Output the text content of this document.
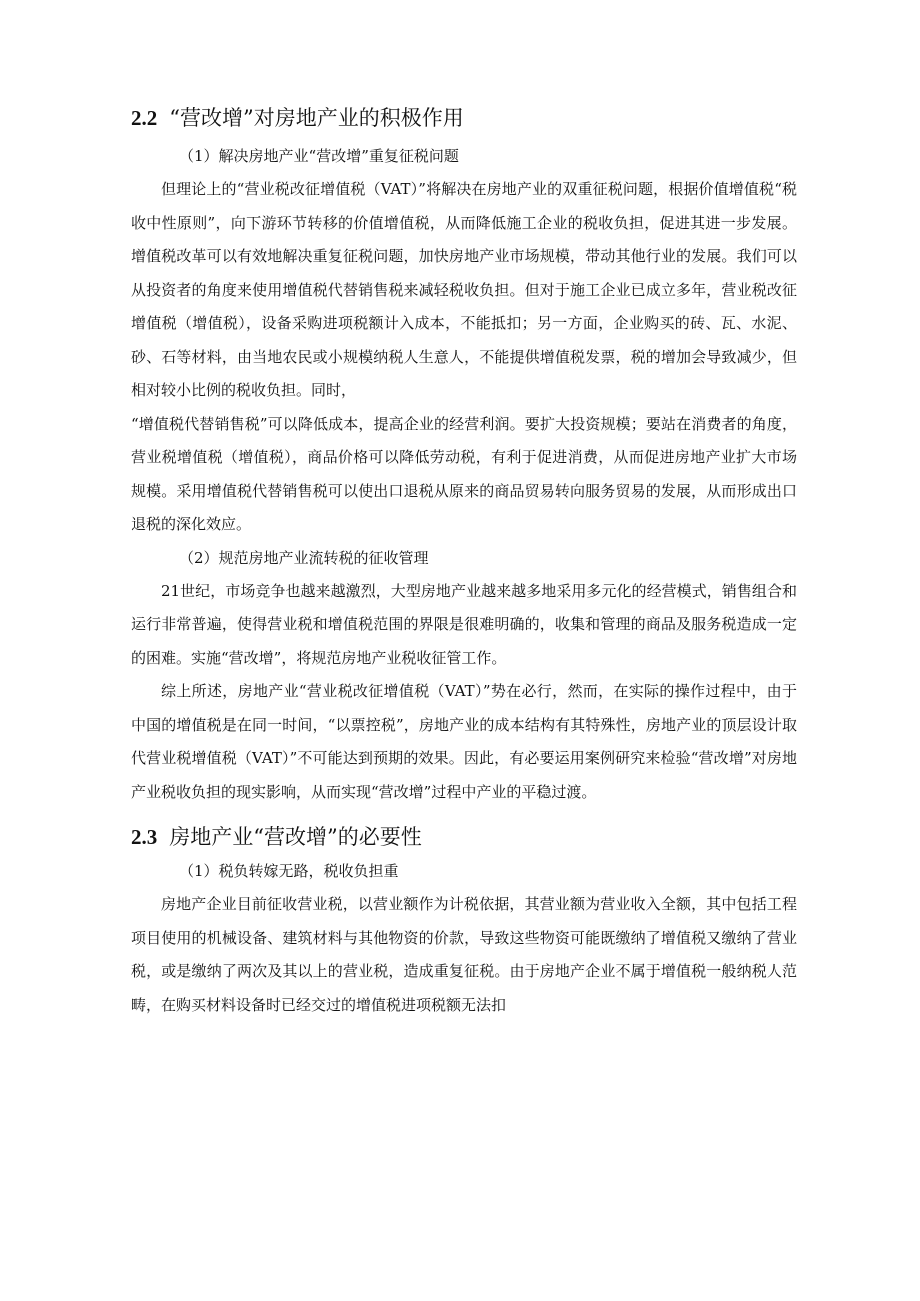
2.2 “营改增”对房地产业的积极作用
（1）解决房地产业“营改增”重复征税问题

但理论上的“营业税改征增值税（VAT）”将解决在房地产业的双重征税问题，根据价值增值税“税收中性原则”，向下游环节转移的价值增值税，从而降低施工企业的税收负担，促进其进一步发展。增值税改革可以有效地解决重复征税问题，加快房地产业市场规模，带动其他行业的发展。我们可以从投资者的角度来使用增值税代替销售税来减轻税收负担。但对于施工企业已成立多年，营业税改征增值税（增值税），设备采购进项税额计入成本，不能抵扣；另一方面，企业购买的砖、瓦、水泥、砂、石等材料，由当地农民或小规模纳税人生意人，不能提供增值税发票，税的增加会导致减少，但相对较小比例的税收负担。同时，

“增值税代替销售税”可以降低成本，提高企业的经营利润。要扩大投资规模；要站在消费者的角度，营业税增值税（增值税），商品价格可以降低劳动税，有利于促进消费，从而促进房地产业扩大市场规模。采用增值税代替销售税可以使出口退税从原来的商品贸易转向服务贸易的发展，从而形成出口退税的深化效应。

（2）规范房地产业流转税的征收管理

21世纪，市场竞争也越来越激烈，大型房地产业越来越多地采用多元化的经营模式，销售组合和运行非常普遍，使得营业税和增值税范围的界限是很难明确的，收集和管理的商品及服务税造成一定的困难。实施“营改增”，将规范房地产业税收征管工作。

综上所述，房地产业“营业税改征增值税（VAT）”势在必行，然而，在实际的操作过程中，由于中国的增值税是在同一时间，“以票控税”，房地产业的成本结构有其特殊性，房地产业的顶层设计取代营业税增值税（VAT）”不可能达到预期的效果。因此，有必要运用案例研究来检验“营改增”对房地产业税收负担的现实影响，从而实现“营改增”过程中产业的平稳过渡。

2.3 房地产业“营改增”的必要性
（1）税负转嫁无路，税收负担重

房地产企业目前征收营业税，以营业额作为计税依据，其营业额为营业收入全额，其中包括工程项目使用的机械设备、建筑材料与其他物资的价款，导致这些物资可能既缴纳了增值税又缴纳了营业税，或是缴纳了两次及其以上的营业税，造成重复征税。由于房地产企业不属于增值税一般纳税人范畴，在购买材料设备时已经交过的增值税进项税额无法扣
